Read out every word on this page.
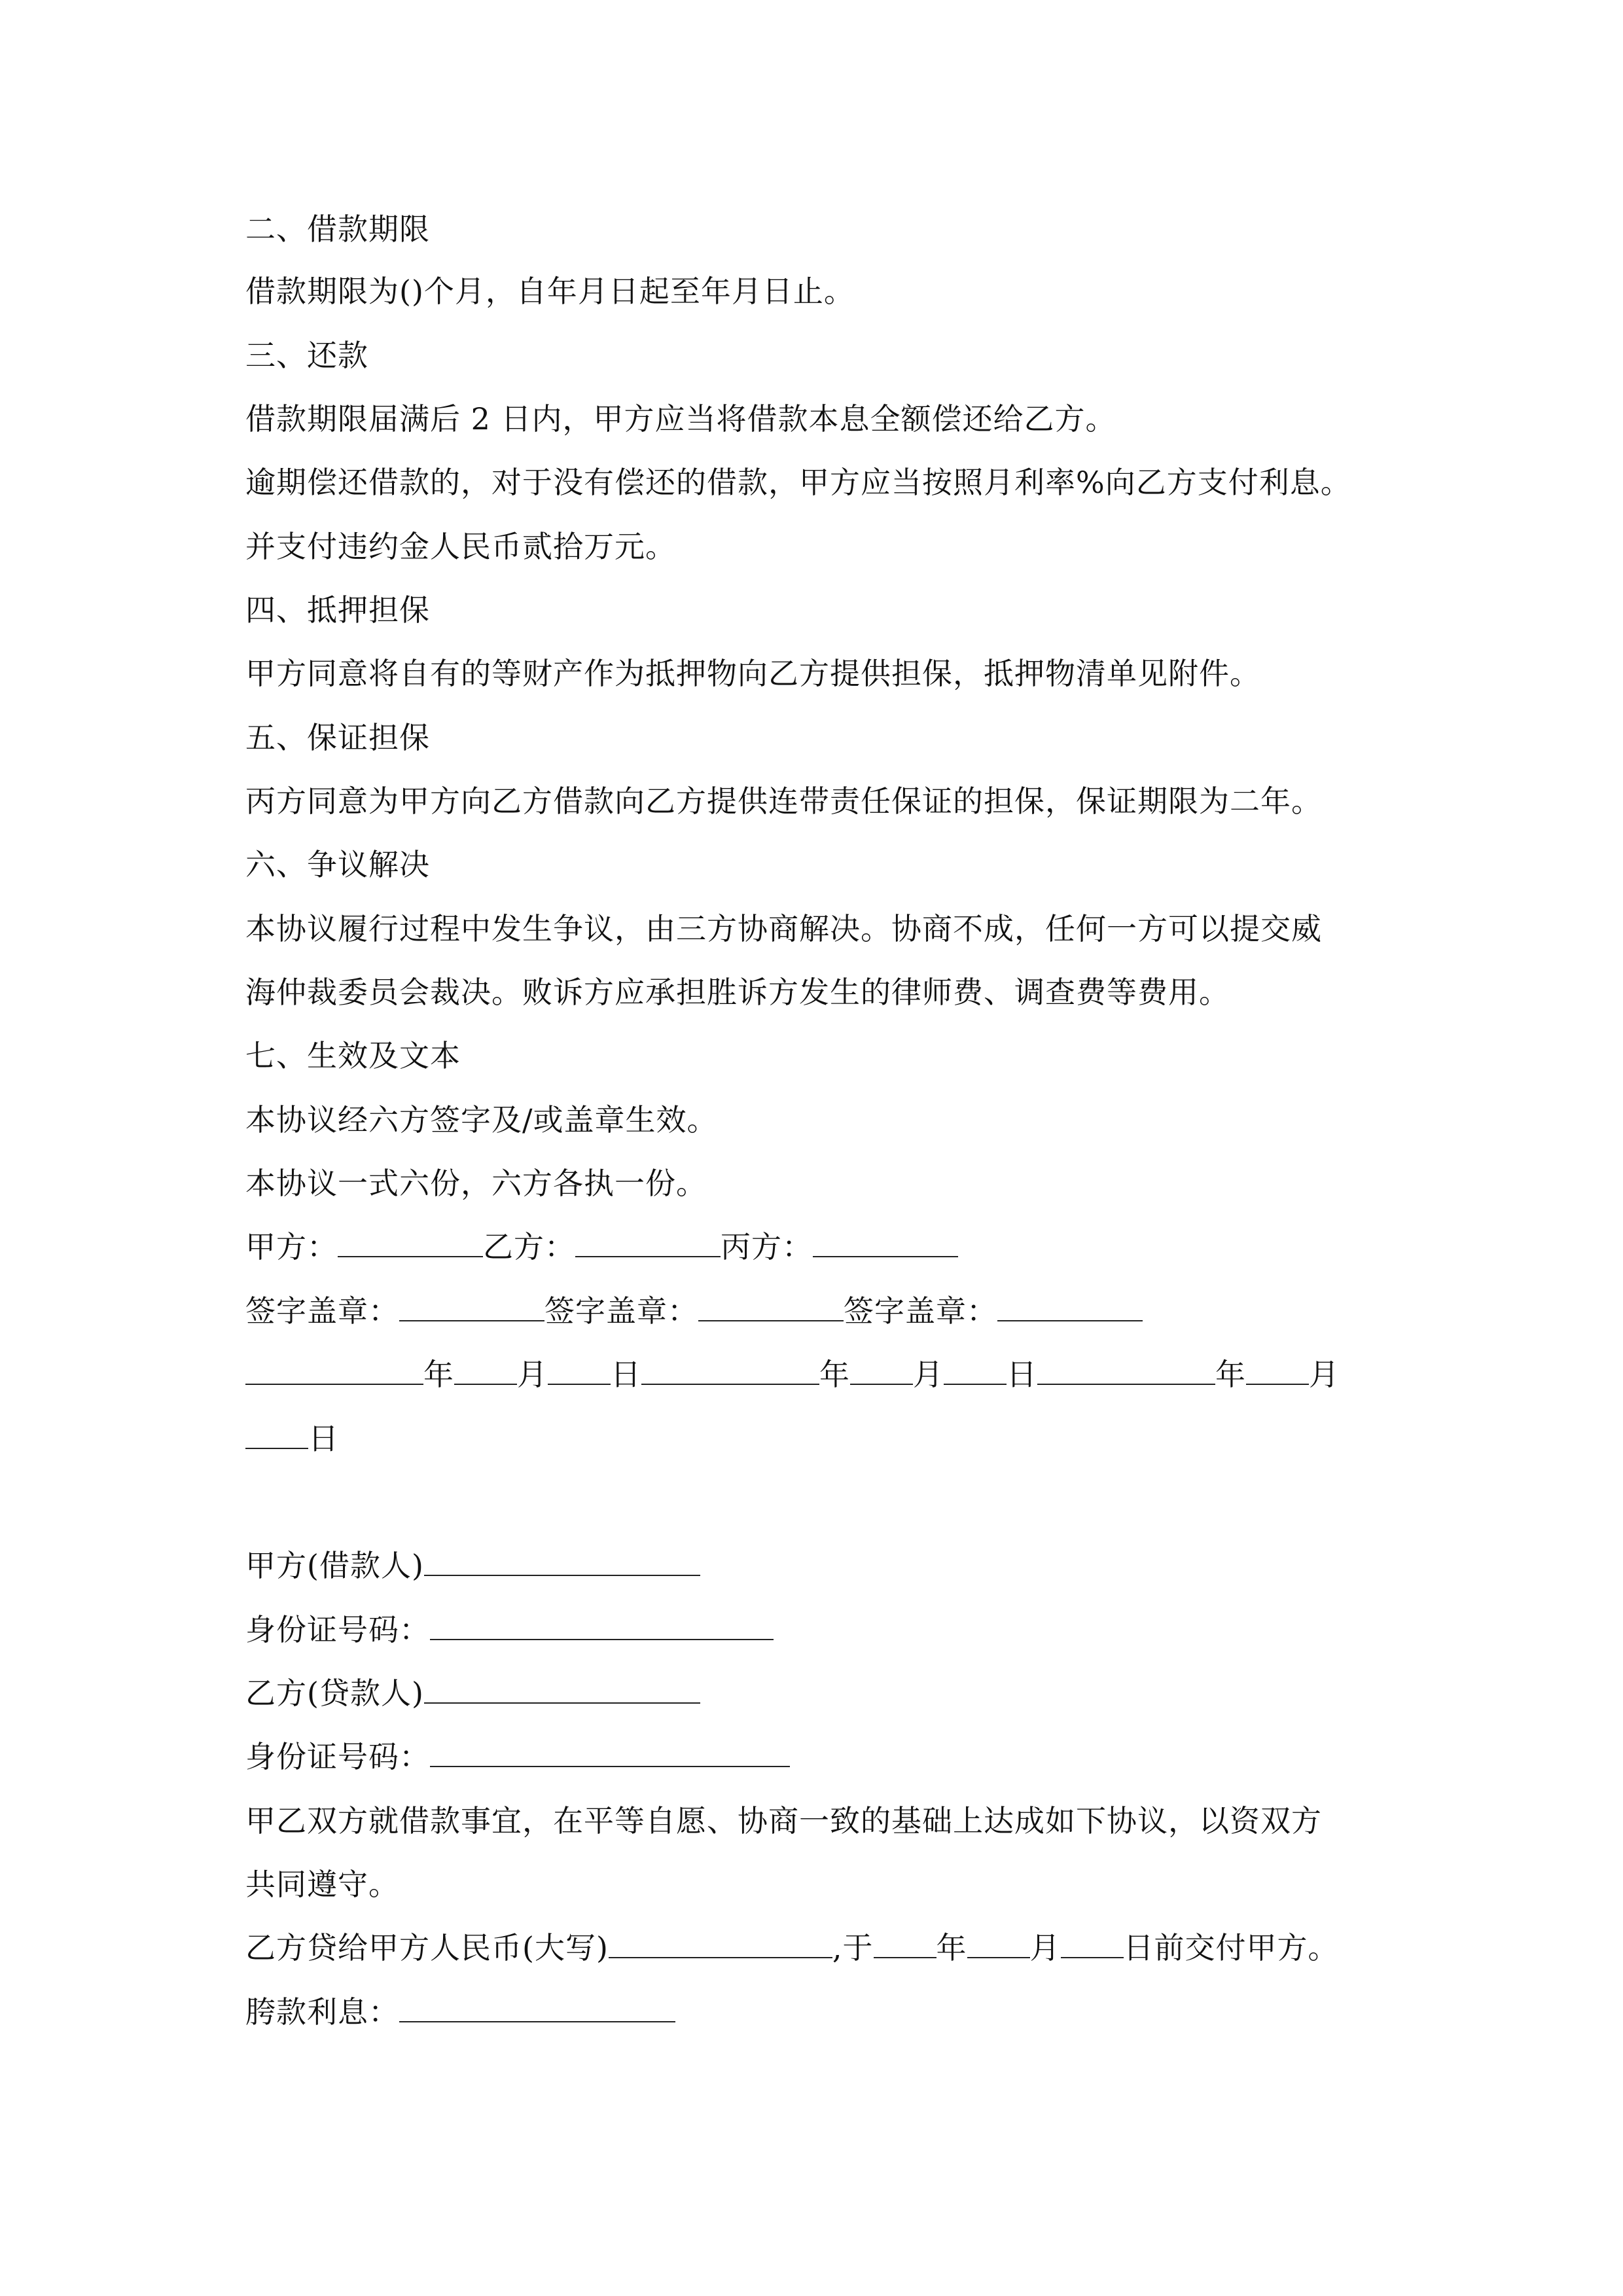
二、借款期限
借款期限为()个月，自年月日起至年月日止。
三、还款
借款期限届满后 2 日内，甲方应当将借款本息全额偿还给乙方。
逾期偿还借款的，对于没有偿还的借款，甲方应当按照月利率%向乙方支付利息。
并支付违约金人民币贰拾万元。
四、抵押担保
甲方同意将自有的等财产作为抵押物向乙方提供担保，抵押物清单见附件。
五、保证担保
丙方同意为甲方向乙方借款向乙方提供连带责任保证的担保，保证期限为二年。
六、争议解决
本协议履行过程中发生争议，由三方协商解决。协商不成，任何一方可以提交威
海仲裁委员会裁决。败诉方应承担胜诉方发生的律师费、调查费等费用。
七、生效及文本
本协议经六方签字及/或盖章生效。
本协议一式六份，六方各执一份。
甲方：	乙方：	丙方：
签字盖章：	签字盖章：	签字盖章：
年 月 日	年 月 日	年 月
日
甲方(借款人)
身份证号码：
乙方(贷款人)
身份证号码：
甲乙双方就借款事宜，在平等自愿、协商一致的基础上达成如下协议，以资双方
共同遵守。
乙方贷给甲方人民币(大写)	,于 年 月 日前交付甲方。
胯款利息：
